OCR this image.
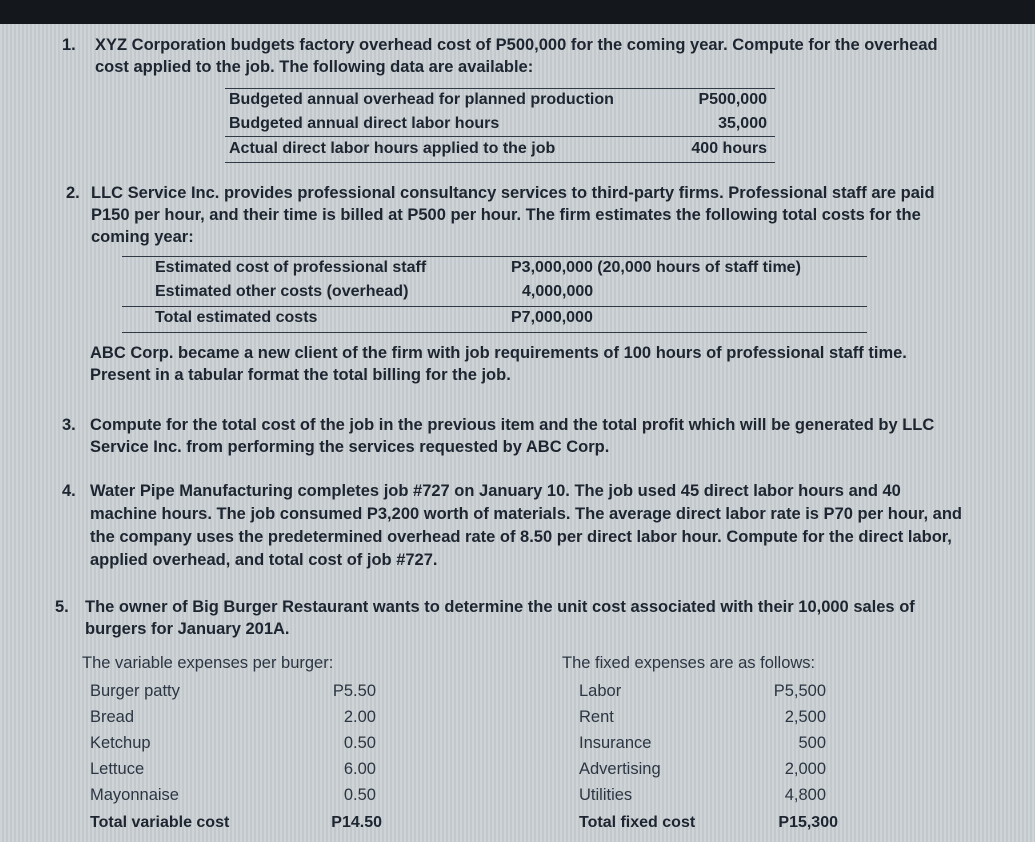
1. XYZ Corporation budgets factory overhead cost of P500,000 for the coming year. Compute for the overhead cost applied to the job. The following data are available:
Budgeted annual overhead for planned production	P500,000
Budgeted annual direct labor hours	35,000
Actual direct labor hours applied to the job	400 hours
2. LLC Service Inc. provides professional consultancy services to third-party firms. Professional staff are paid P150 per hour, and their time is billed at P500 per hour. The firm estimates the following total costs for the coming year:
Estimated cost of professional staff	P3,000,000 (20,000 hours of staff time)
Estimated other costs (overhead)	4,000,000
Total estimated costs	P7,000,000
ABC Corp. became a new client of the firm with job requirements of 100 hours of professional staff time. Present in a tabular format the total billing for the job.
3. Compute for the total cost of the job in the previous item and the total profit which will be generated by LLC Service Inc. from performing the services requested by ABC Corp.
4. Water Pipe Manufacturing completes job #727 on January 10. The job used 45 direct labor hours and 40 machine hours. The job consumed P3,200 worth of materials. The average direct labor rate is P70 per hour, and the company uses the predetermined overhead rate of 8.50 per direct labor hour. Compute for the direct labor, applied overhead, and total cost of job #727.
5. The owner of Big Burger Restaurant wants to determine the unit cost associated with their 10,000 sales of burgers for January 201A.
The variable expenses per burger:
Burger patty	P5.50
Bread	2.00
Ketchup	0.50
Lettuce	6.00
Mayonnaise	0.50
Total variable cost	P14.50
The fixed expenses are as follows:
Labor	P5,500
Rent	2,500
Insurance	500
Advertising	2,000
Utilities	4,800
Total fixed cost	P15,300
